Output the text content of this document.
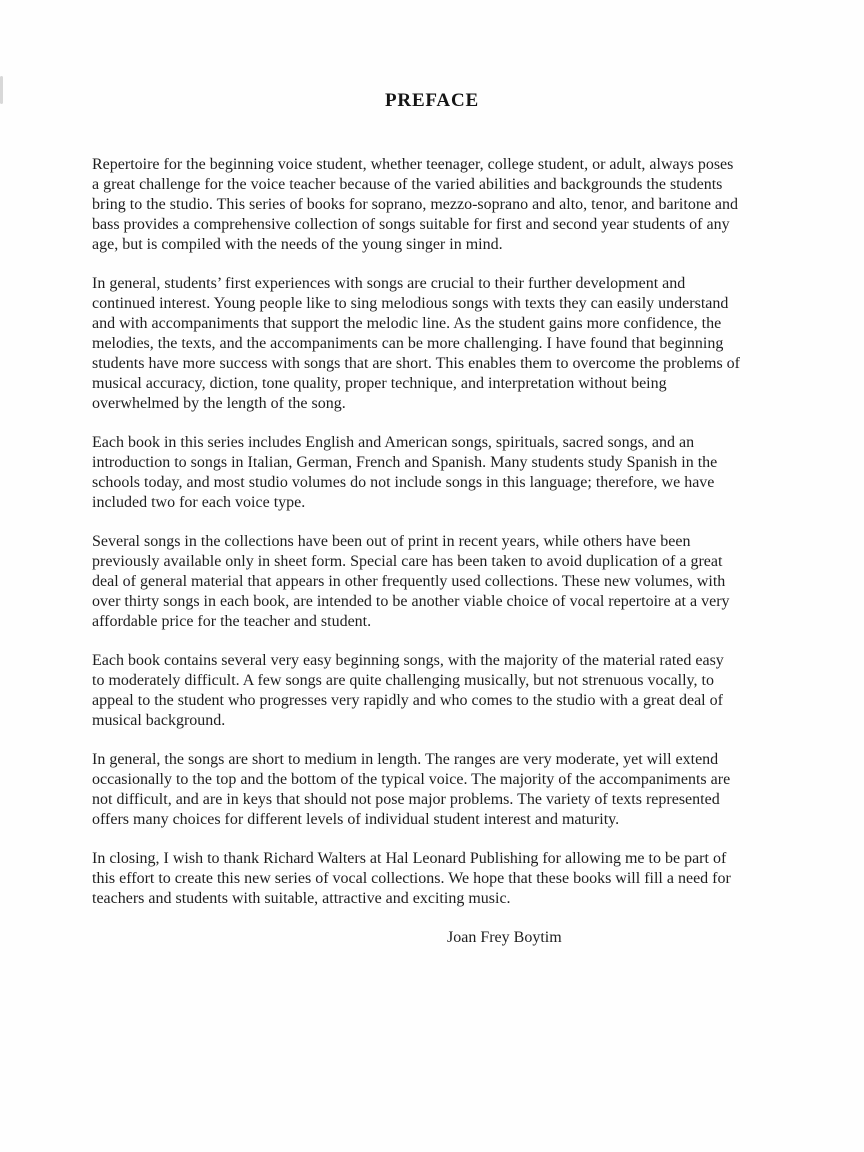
PREFACE

Repertoire for the beginning voice student, whether teenager, college student, or adult, always poses a great challenge for the voice teacher because of the varied abilities and backgrounds the students bring to the studio. This series of books for soprano, mezzo-soprano and alto, tenor, and baritone and bass provides a comprehensive collection of songs suitable for first and second year students of any age, but is compiled with the needs of the young singer in mind.

In general, students’ first experiences with songs are crucial to their further development and continued interest. Young people like to sing melodious songs with texts they can easily understand and with accompaniments that support the melodic line. As the student gains more confidence, the melodies, the texts, and the accompaniments can be more challenging. I have found that beginning students have more success with songs that are short. This enables them to overcome the problems of musical accuracy, diction, tone quality, proper technique, and interpretation without being overwhelmed by the length of the song.

Each book in this series includes English and American songs, spirituals, sacred songs, and an introduction to songs in Italian, German, French and Spanish. Many students study Spanish in the schools today, and most studio volumes do not include songs in this language; therefore, we have included two for each voice type.

Several songs in the collections have been out of print in recent years, while others have been previously available only in sheet form. Special care has been taken to avoid duplication of a great deal of general material that appears in other frequently used collections. These new volumes, with over thirty songs in each book, are intended to be another viable choice of vocal repertoire at a very affordable price for the teacher and student.

Each book contains several very easy beginning songs, with the majority of the material rated easy to moderately difficult. A few songs are quite challenging musically, but not strenuous vocally, to appeal to the student who progresses very rapidly and who comes to the studio with a great deal of musical background.

In general, the songs are short to medium in length. The ranges are very moderate, yet will extend occasionally to the top and the bottom of the typical voice. The majority of the accompaniments are not difficult, and are in keys that should not pose major problems. The variety of texts represented offers many choices for different levels of individual student interest and maturity.

In closing, I wish to thank Richard Walters at Hal Leonard Publishing for allowing me to be part of this effort to create this new series of vocal collections. We hope that these books will fill a need for teachers and students with suitable, attractive and exciting music.

Joan Frey Boytim
